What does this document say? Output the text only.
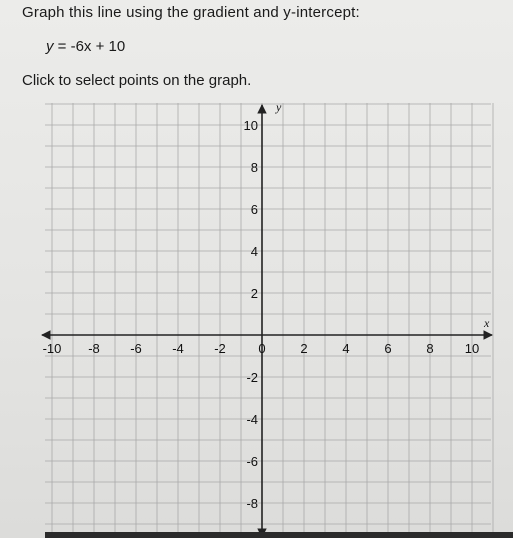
Graph this line using the gradient and y-intercept:
y = -6x + 10
Click to select points on the graph.
x
y
-10 -8 -6 -4 -2	0	2	4	6	8 10
10
8
6
4
2
-2
-4
-6
-8
